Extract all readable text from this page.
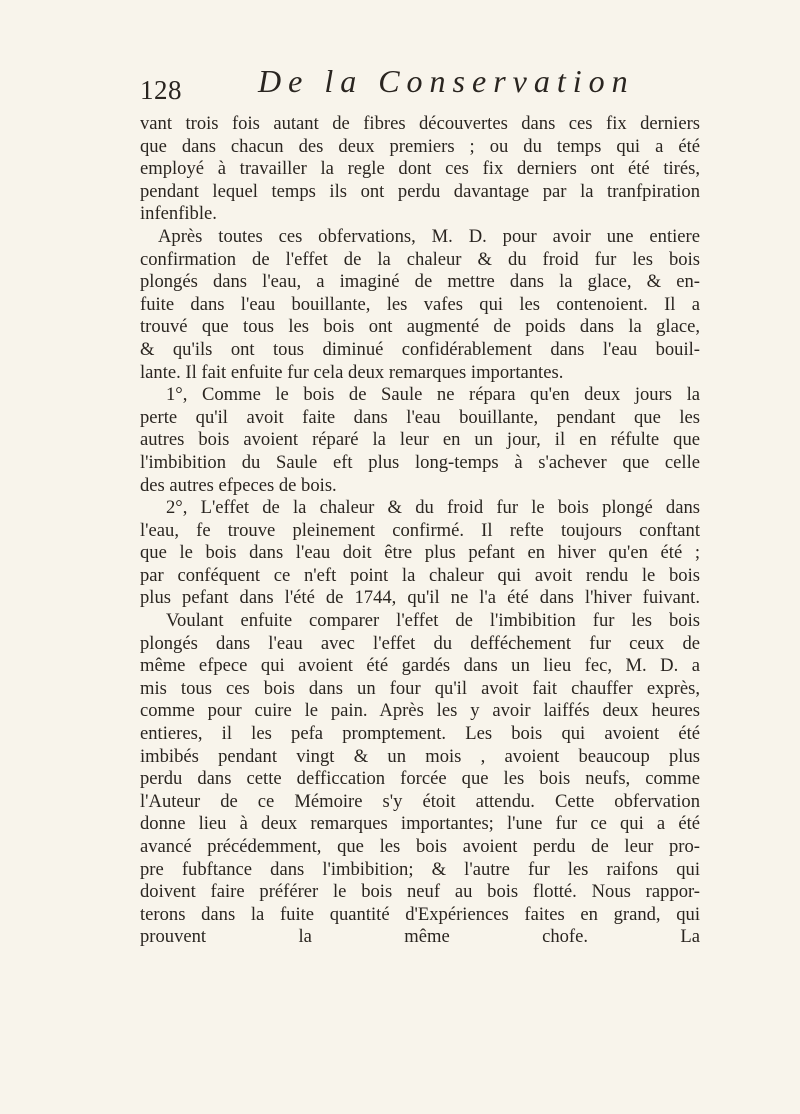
128 De la Conservation
vant trois fois autant de fibres découvertes dans ces fix derniers
que dans chacun des deux premiers ; ou du temps qui a été
employé à travailler la regle dont ces fix derniers ont été tirés,
pendant lequel temps ils ont perdu davantage par la tranfpiration
infenfible.
Après toutes ces obfervations, M. D. pour avoir une entiere
confirmation de l'effet de la chaleur & du froid fur les bois
plongés dans l'eau, a imaginé de mettre dans la glace, & en-
fuite dans l'eau bouillante, les vafes qui les contenoient. Il a
trouvé que tous les bois ont augmenté de poids dans la glace,
& qu'ils ont tous diminué confidérablement dans l'eau bouil-
lante. Il fait enfuite fur cela deux remarques importantes.
1°, Comme le bois de Saule ne répara qu'en deux jours la
perte qu'il avoit faite dans l'eau bouillante, pendant que les
autres bois avoient réparé la leur en un jour, il en réfulte que
l'imbibition du Saule eft plus long-temps à s'achever que celle
des autres efpeces de bois.
2°, L'effet de la chaleur & du froid fur le bois plongé dans
l'eau, fe trouve pleinement confirmé. Il refte toujours conftant
que le bois dans l'eau doit être plus pefant en hiver qu'en été ;
par conféquent ce n'eft point la chaleur qui avoit rendu le bois
plus pefant dans l'été de 1744, qu'il ne l'a été dans l'hiver fuivant.
Voulant enfuite comparer l'effet de l'imbibition fur les bois
plongés dans l'eau avec l'effet du defféchement fur ceux de
même efpece qui avoient été gardés dans un lieu fec, M. D. a
mis tous ces bois dans un four qu'il avoit fait chauffer exprès,
comme pour cuire le pain. Après les y avoir laiffés deux heures
entieres, il les pefa promptement. Les bois qui avoient été
imbibés pendant vingt & un mois , avoient beaucoup plus
perdu dans cette defficcation forcée que les bois neufs, comme
l'Auteur de ce Mémoire s'y étoit attendu. Cette obfervation
donne lieu à deux remarques importantes; l'une fur ce qui a été
avancé précédemment, que les bois avoient perdu de leur pro-
pre fubftance dans l'imbibition; & l'autre fur les raifons qui
doivent faire préférer le bois neuf au bois flotté. Nous rappor-
terons dans la fuite quantité d'Expériences faites en grand, qui
prouvent la même chofe. La
